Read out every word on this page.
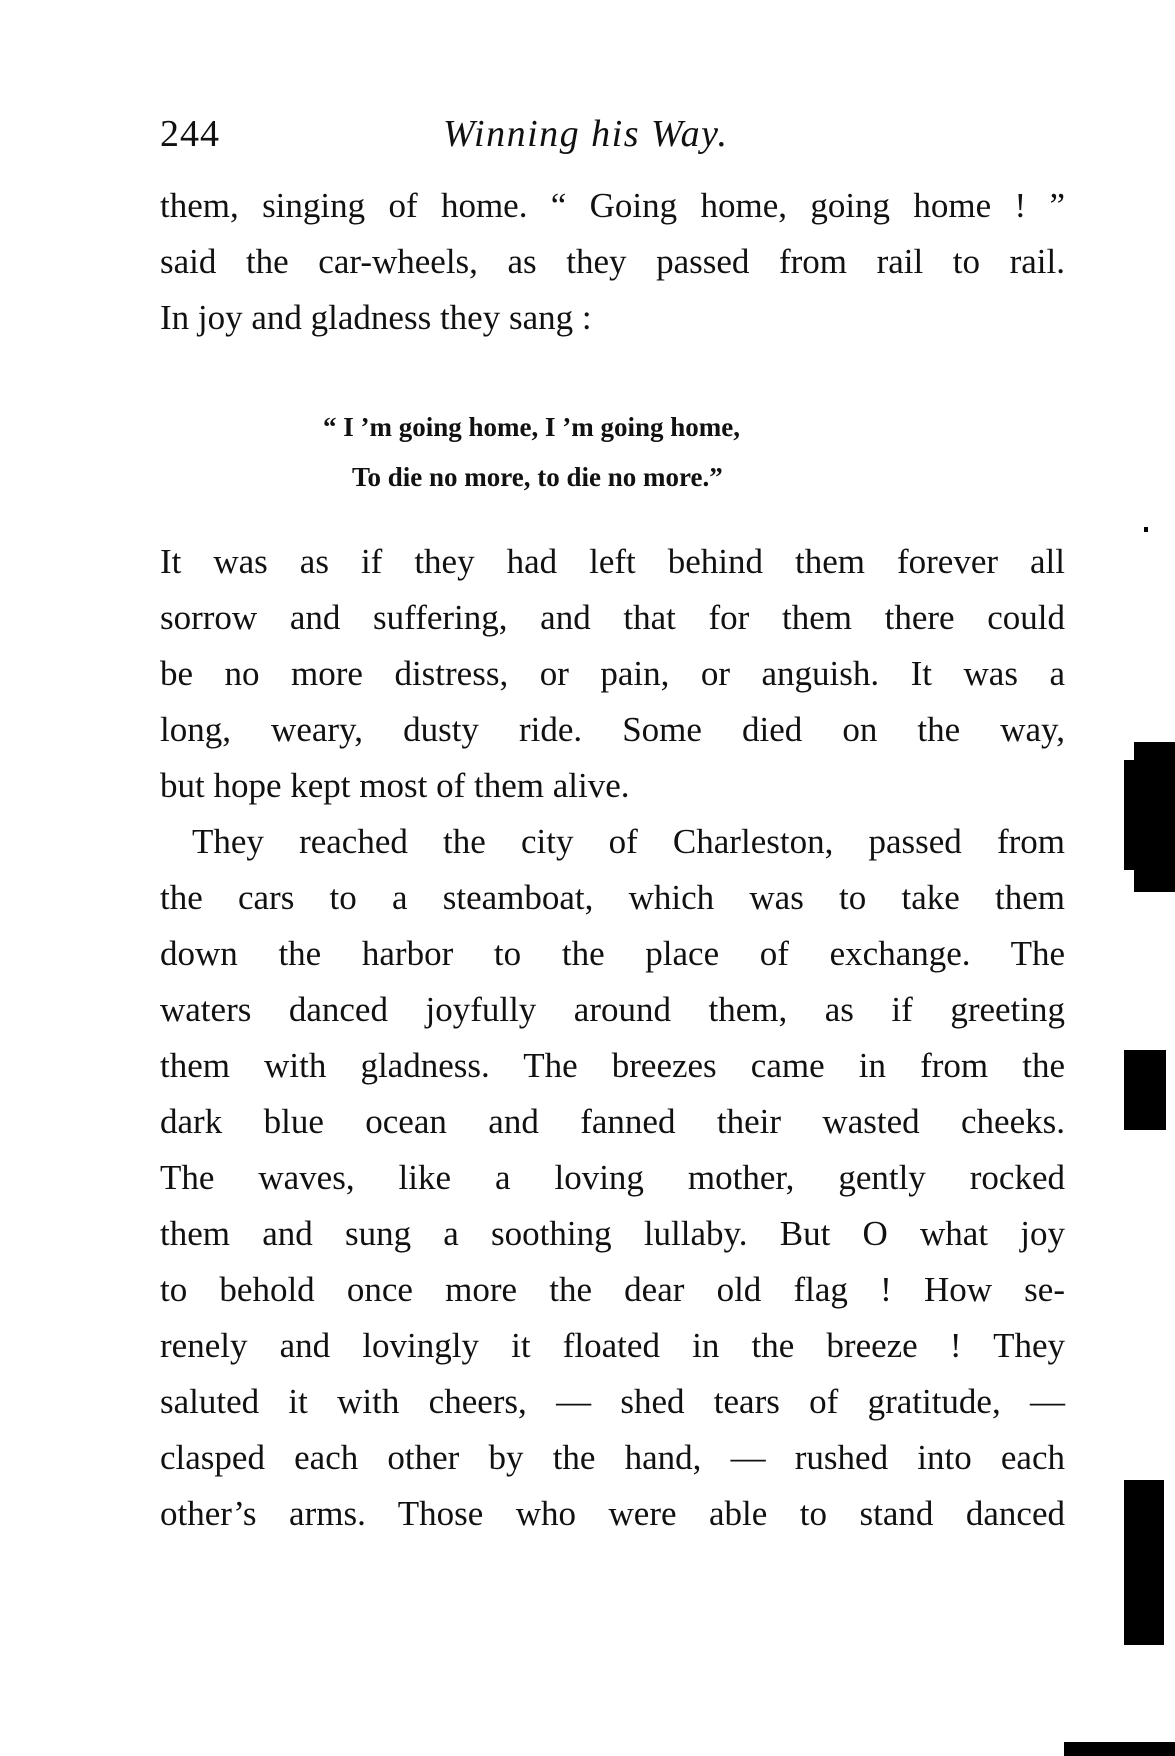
244	Winning his Way.
them, singing of home. “ Going home, going home ! ”
said the car-wheels, as they passed from rail to rail.
In joy and gladness they sang :
“ I ’m going home, I ’m going home,
To die no more, to die no more.”
It was as if they had left behind them forever all
sorrow and suffering, and that for them there could
be no more distress, or pain, or anguish. It was a
long, weary, dusty ride. Some died on the way,
but hope kept most of them alive.
They reached the city of Charleston, passed from
the cars to a steamboat, which was to take them
down the harbor to the place of exchange. The
waters danced joyfully around them, as if greeting
them with gladness. The breezes came in from the
dark blue ocean and fanned their wasted cheeks.
The waves, like a loving mother, gently rocked
them and sung a soothing lullaby. But O what joy
to behold once more the dear old flag ! How se-
renely and lovingly it floated in the breeze ! They
saluted it with cheers, — shed tears of gratitude, —
clasped each other by the hand, — rushed into each
other’s arms. Those who were able to stand danced
